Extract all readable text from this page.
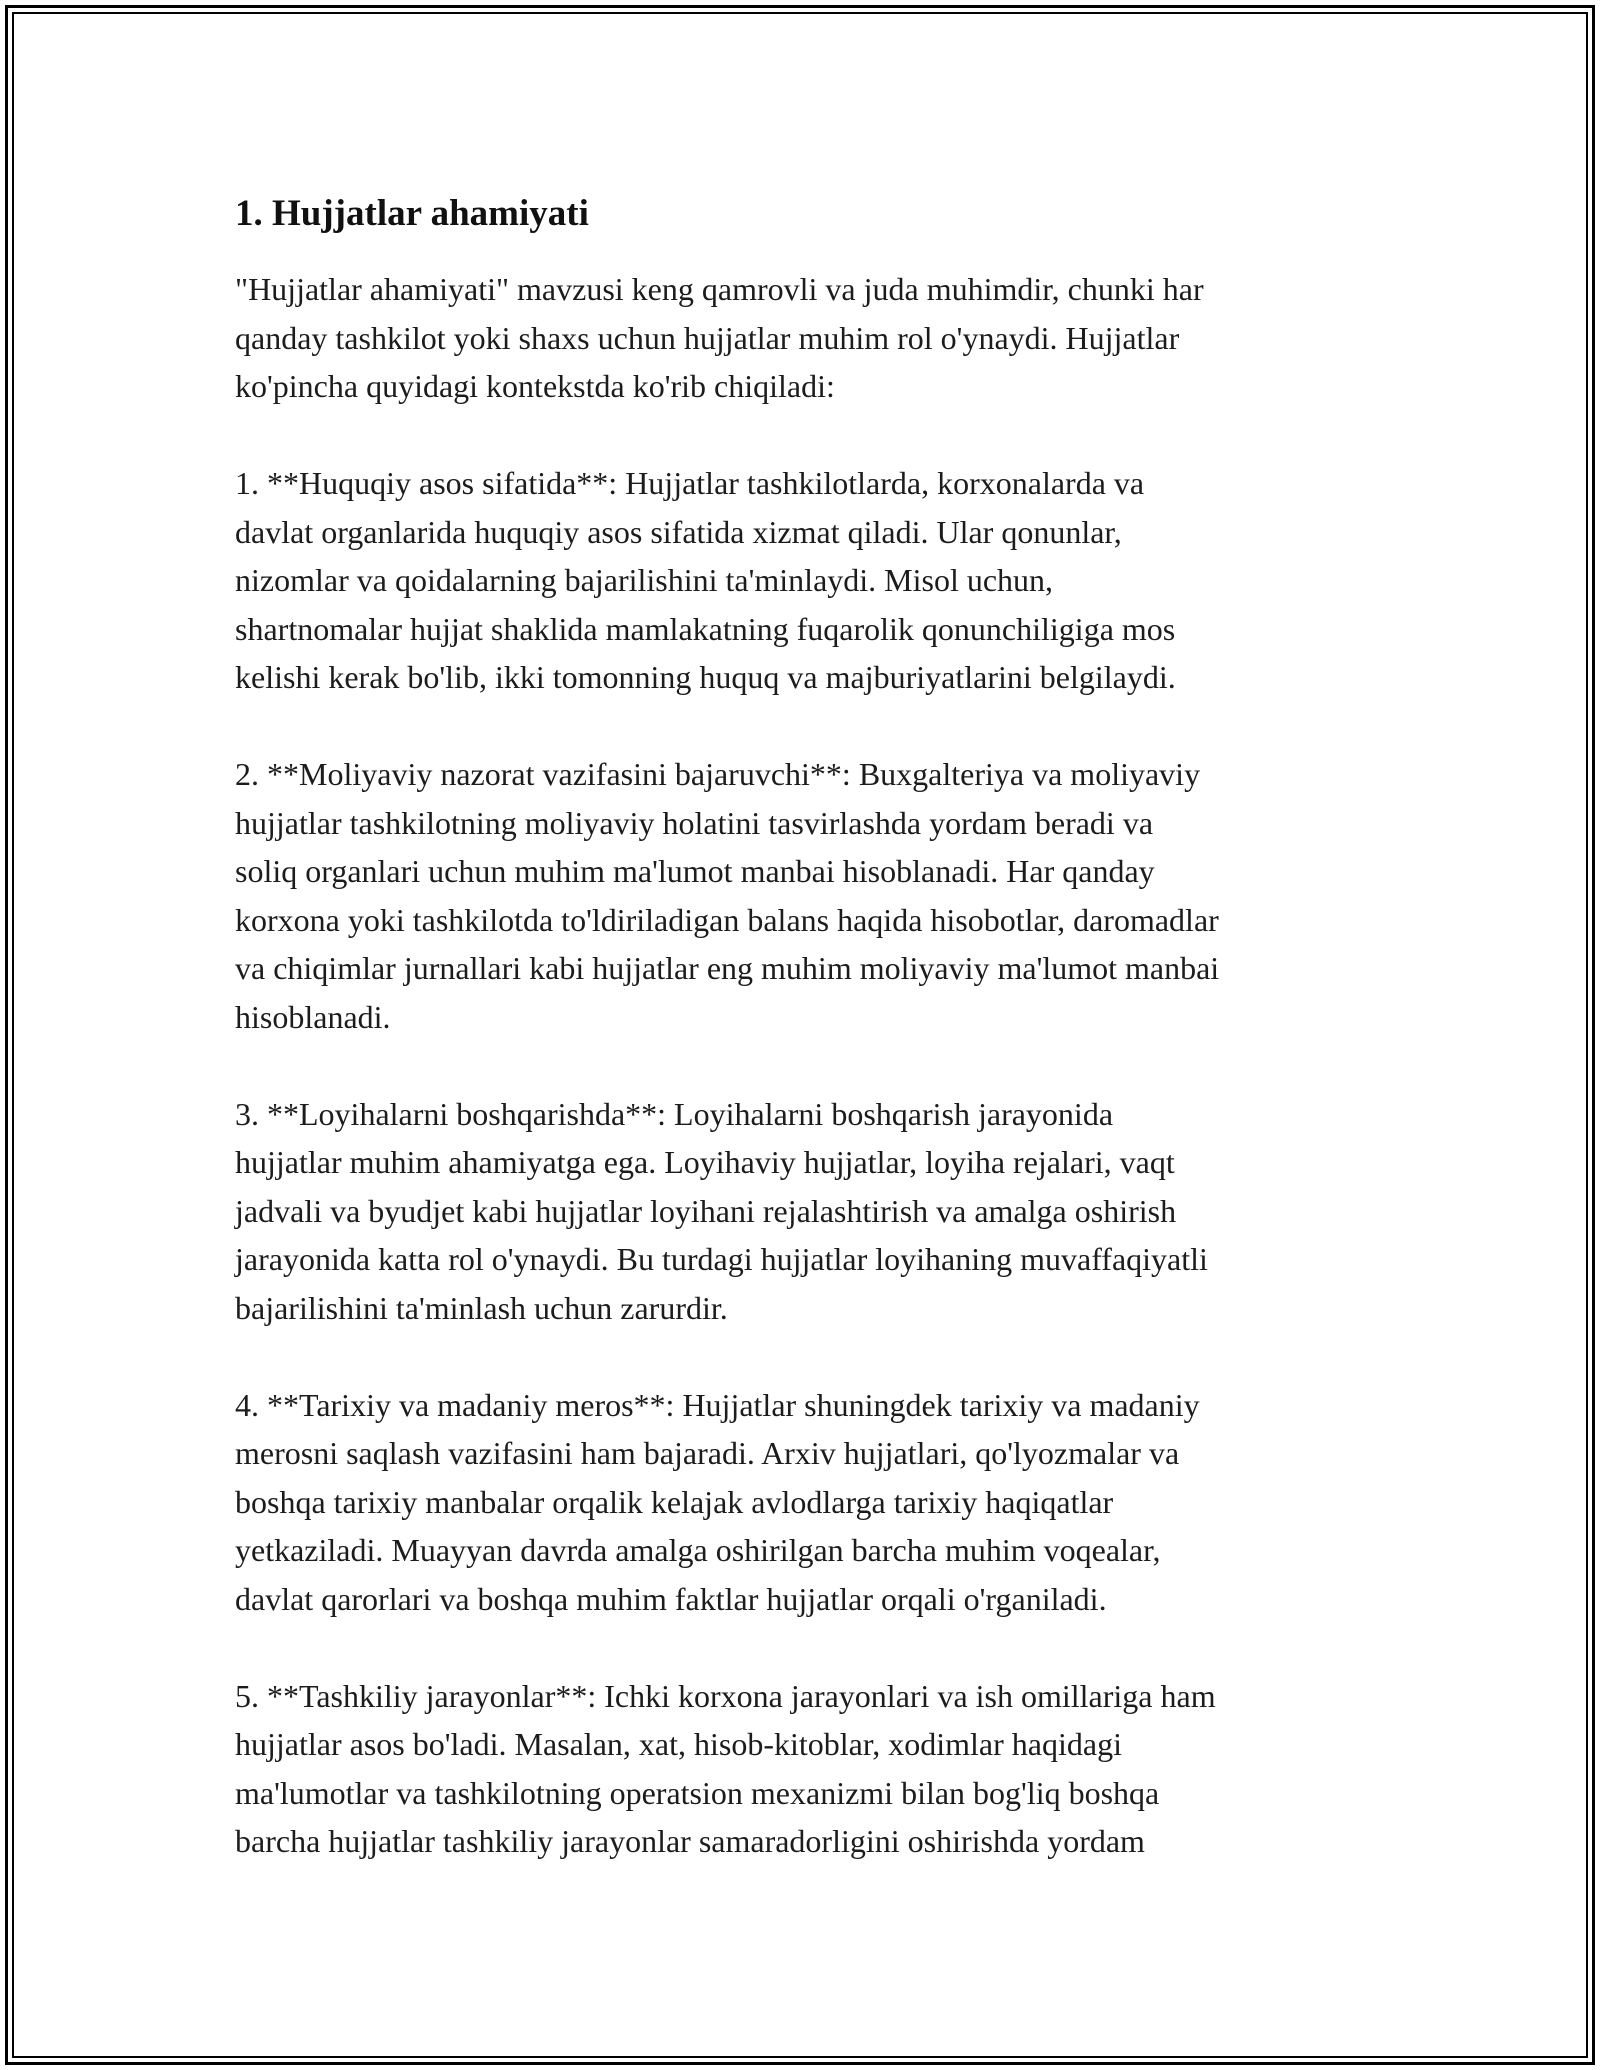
1. Hujjatlar ahamiyati

"Hujjatlar ahamiyati" mavzusi keng qamrovli va juda muhimdir, chunki har
qanday tashkilot yoki shaxs uchun hujjatlar muhim rol o'ynaydi. Hujjatlar
ko'pincha quyidagi kontekstda ko'rib chiqiladi:

1. **Huquqiy asos sifatida**: Hujjatlar tashkilotlarda, korxonalarda va
davlat organlarida huquqiy asos sifatida xizmat qiladi. Ular qonunlar,
nizomlar va qoidalarning bajarilishini ta'minlaydi. Misol uchun,
shartnomalar hujjat shaklida mamlakatning fuqarolik qonunchiligiga mos
kelishi kerak bo'lib, ikki tomonning huquq va majburiyatlarini belgilaydi.

2. **Moliyaviy nazorat vazifasini bajaruvchi**: Buxgalteriya va moliyaviy
hujjatlar tashkilotning moliyaviy holatini tasvirlashda yordam beradi va
soliq organlari uchun muhim ma'lumot manbai hisoblanadi. Har qanday
korxona yoki tashkilotda to'ldiriladigan balans haqida hisobotlar, daromadlar
va chiqimlar jurnallari kabi hujjatlar eng muhim moliyaviy ma'lumot manbai
hisoblanadi.

3. **Loyihalarni boshqarishda**: Loyihalarni boshqarish jarayonida
hujjatlar muhim ahamiyatga ega. Loyihaviy hujjatlar, loyiha rejalari, vaqt
jadvali va byudjet kabi hujjatlar loyihani rejalashtirish va amalga oshirish
jarayonida katta rol o'ynaydi. Bu turdagi hujjatlar loyihaning muvaffaqiyatli
bajarilishini ta'minlash uchun zarurdir.

4. **Tarixiy va madaniy meros**: Hujjatlar shuningdek tarixiy va madaniy
merosni saqlash vazifasini ham bajaradi. Arxiv hujjatlari, qo'lyozmalar va
boshqa tarixiy manbalar orqalik kelajak avlodlarga tarixiy haqiqatlar
yetkaziladi. Muayyan davrda amalga oshirilgan barcha muhim voqealar,
davlat qarorlari va boshqa muhim faktlar hujjatlar orqali o'rganiladi.

5. **Tashkiliy jarayonlar**: Ichki korxona jarayonlari va ish omillariga ham
hujjatlar asos bo'ladi. Masalan, xat, hisob-kitoblar, xodimlar haqidagi
ma'lumotlar va tashkilotning operatsion mexanizmi bilan bog'liq boshqa
barcha hujjatlar tashkiliy jarayonlar samaradorligini oshirishda yordam
